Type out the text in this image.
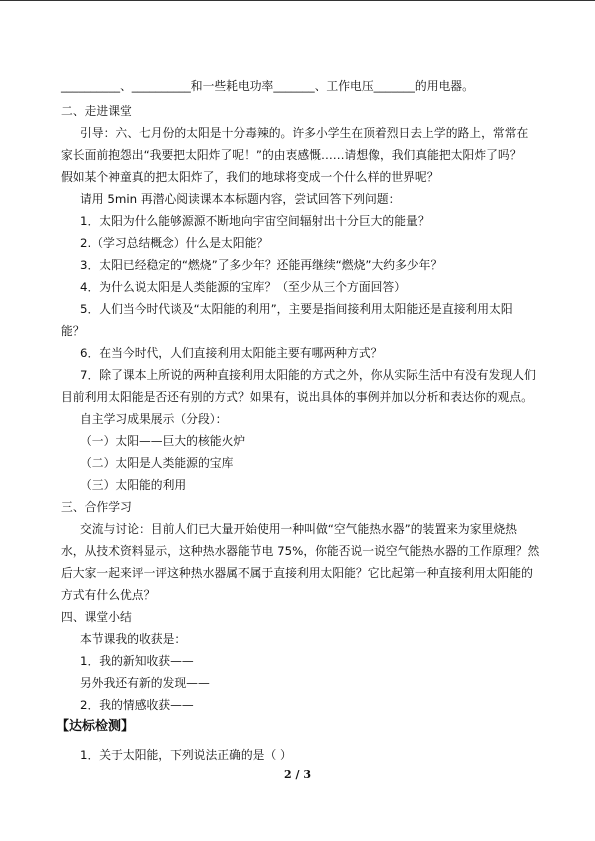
__________、__________和一些耗电功率_______、工作电压_______的用电器。
二、走进课堂
引导：六、七月份的太阳是十分毒辣的。许多小学生在顶着烈日去上学的路上，常常在
家长面前抱怨出“我要把太阳炸了呢！”的由衷感慨……请想像，我们真能把太阳炸了吗？
假如某个神童真的把太阳炸了，我们的地球将变成一个什么样的世界呢？
请用 5min 再潜心阅读课本本标题内容，尝试回答下列问题：
1．太阳为什么能够源源不断地向宇宙空间辐射出十分巨大的能量？
2.（学习总结概念）什么是太阳能？
3．太阳已经稳定的“燃烧”了多少年？还能再继续“燃烧”大约多少年？
4．为什么说太阳是人类能源的宝库？（至少从三个方面回答）
5．人们当今时代谈及“太阳能的利用”，主要是指间接利用太阳能还是直接利用太阳
能？
6．在当今时代，人们直接利用太阳能主要有哪两种方式？
7．除了课本上所说的两种直接利用太阳能的方式之外，你从实际生活中有没有发现人们
目前利用太阳能是否还有别的方式？如果有，说出具体的事例并加以分析和表达你的观点。
自主学习成果展示（分段）：
（一）太阳——巨大的核能火炉
（二）太阳是人类能源的宝库
（三）太阳能的利用
三、合作学习
交流与讨论：目前人们已大量开始使用一种叫做“空气能热水器”的装置来为家里烧热
水，从技术资料显示，这种热水器能节电 75%，你能否说一说空气能热水器的工作原理？然
后大家一起来评一评这种热水器属不属于直接利用太阳能？它比起第一种直接利用太阳能的
方式有什么优点？
四、课堂小结
本节课我的收获是：
1．我的新知收获——
另外我还有新的发现——
2．我的情感收获——
【达标检测】
1．关于太阳能，下列说法正确的是（ ）
2 / 3
